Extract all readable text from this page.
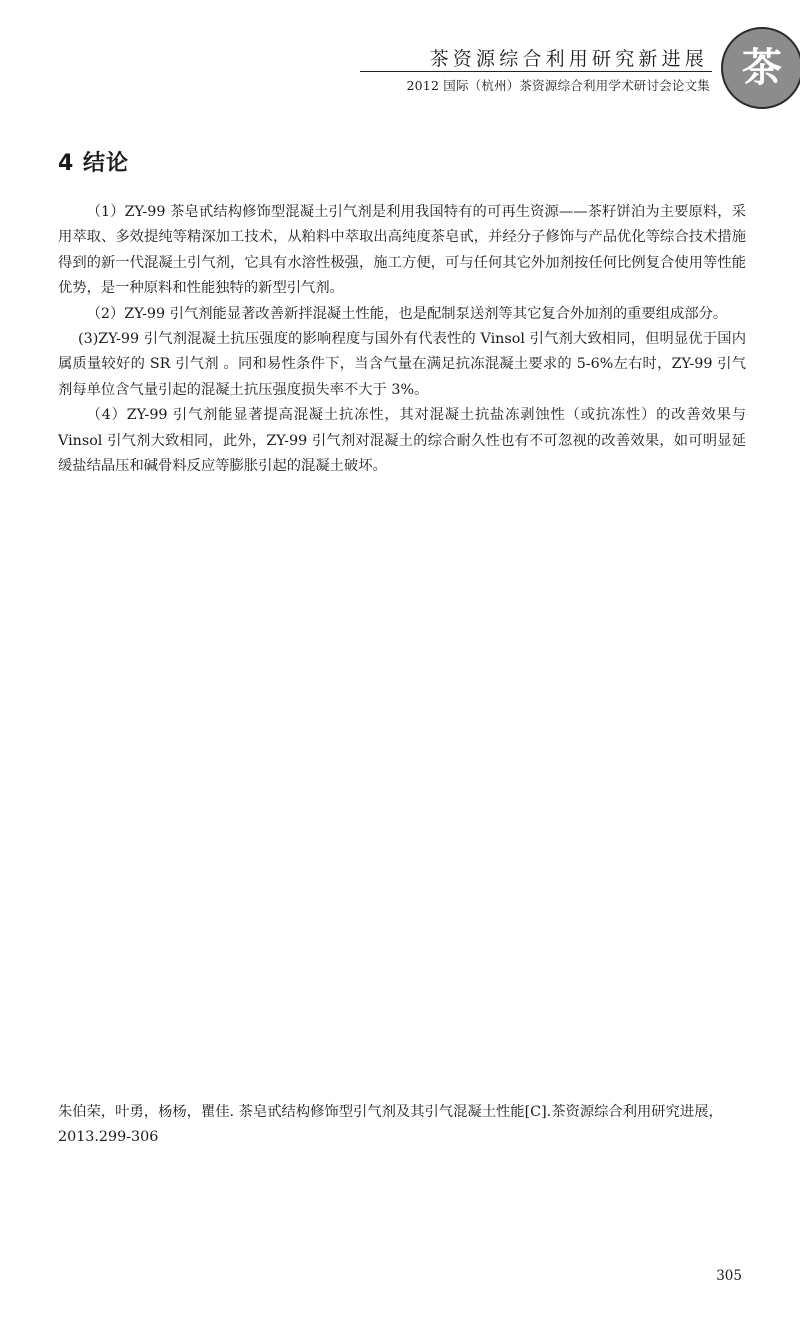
茶资源综合利用研究新进展
2012 国际（杭州）茶资源综合利用学术研讨会论文集 茶
4 结论

（1）ZY-99 茶皂甙结构修饰型混凝土引气剂是利用我国特有的可再生资源——茶籽饼泊为主要原料，采用萃取、多效提纯等精深加工技术，从粕料中萃取出高纯度茶皂甙，并经分子修饰与产品优化等综合技术措施得到的新一代混凝土引气剂，它具有水溶性极强，施工方便，可与任何其它外加剂按任何比例复合使用等性能优势，是一种原料和性能独特的新型引气剂。

（2）ZY-99 引气剂能显著改善新拌混凝土性能，也是配制泵送剂等其它复合外加剂的重要组成部分。

(3)ZY-99 引气剂混凝土抗压强度的影响程度与国外有代表性的 Vinsol 引气剂大致相同，但明显优于国内属质量较好的 SR 引气剂 。同和易性条件下，当含气量在满足抗冻混凝土要求的 5-6%左右时，ZY-99 引气剂每单位含气量引起的混凝土抗压强度损失率不大于 3%。

（4）ZY-99 引气剂能显著提高混凝土抗冻性，其对混凝土抗盐冻剥蚀性（或抗冻性）的改善效果与 Vinsol 引气剂大致相同，此外，ZY-99 引气剂对混凝土的综合耐久性也有不可忽视的改善效果，如可明显延缓盐结晶压和碱骨料反应等膨胀引起的混凝土破坏。

朱伯荣，叶勇，杨杨，瞿佳. 茶皂甙结构修饰型引气剂及其引气混凝土性能[C].茶资源综合利用研究进展，2013.299-306
305
